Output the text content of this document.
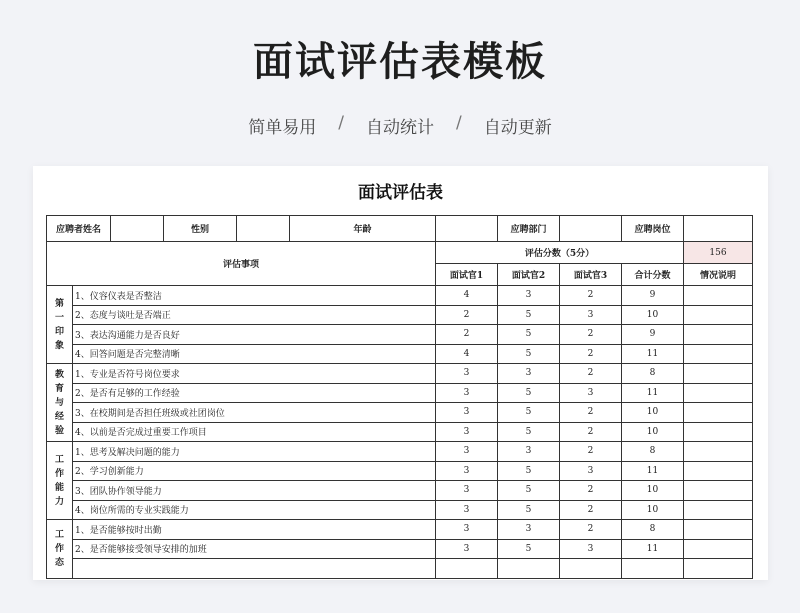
面试评估表模板
简单易用 / 自动统计 / 自动更新
面试评估表
应聘者姓名			性别		年龄		应聘部门		应聘岗位	
评估事项						评估分数（5分）				156
						面试官1	面试官2	面试官3	合计分数	情况说明

第
一
印
象	1、仪容仪表是否整洁					4	3	2	9	
	2、态度与谈吐是否端正					2	5	3	10	
	3、表达沟通能力是否良好					2	5	2	9	
	4、回答问题是否完整清晰					4	5	2	11	

教
育
与
经
验	1、专业是否符号岗位要求					3	3	2	8	
	2、是否有足够的工作经验					3	5	3	11	
	3、在校期间是否担任班级或社团岗位					3	5	2	10	
	4、以前是否完成过重要工作项目					3	5	2	10	

工
作
能
力	1、思考及解决问题的能力					3	3	2	8	
	2、学习创新能力					3	5	3	11	
	3、团队协作领导能力					3	5	2	10	
	4、岗位所需的专业实践能力					3	5	2	10	

工
作
态	1、是否能够按时出勤					3	3	2	8	
	2、是否能够接受领导安排的加班					3	5	3	11	
